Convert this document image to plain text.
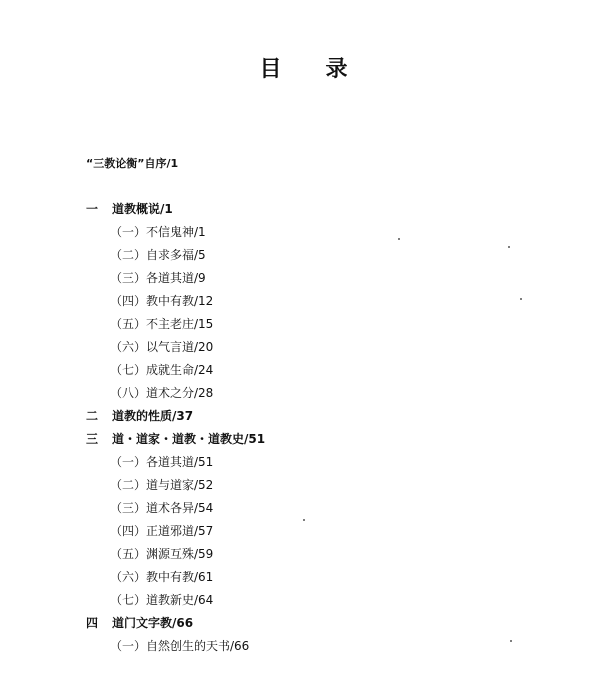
目 录
“三教论衡”自序/1
一 道教概说/1
（一）不信鬼神/1
（二）自求多福/5
（三）各道其道/9
（四）教中有教/12
（五）不主老庄/15
（六）以气言道/20
（七）成就生命/24
（八）道术之分/28
二 道教的性质/37
三 道・道家・道教・道教史/51
（一）各道其道/51
（二）道与道家/52
（三）道术各异/54
（四）正道邪道/57
（五）渊源互殊/59
（六）教中有教/61
（七）道教新史/64
四 道门文字教/66
（一）自然创生的天书/66
